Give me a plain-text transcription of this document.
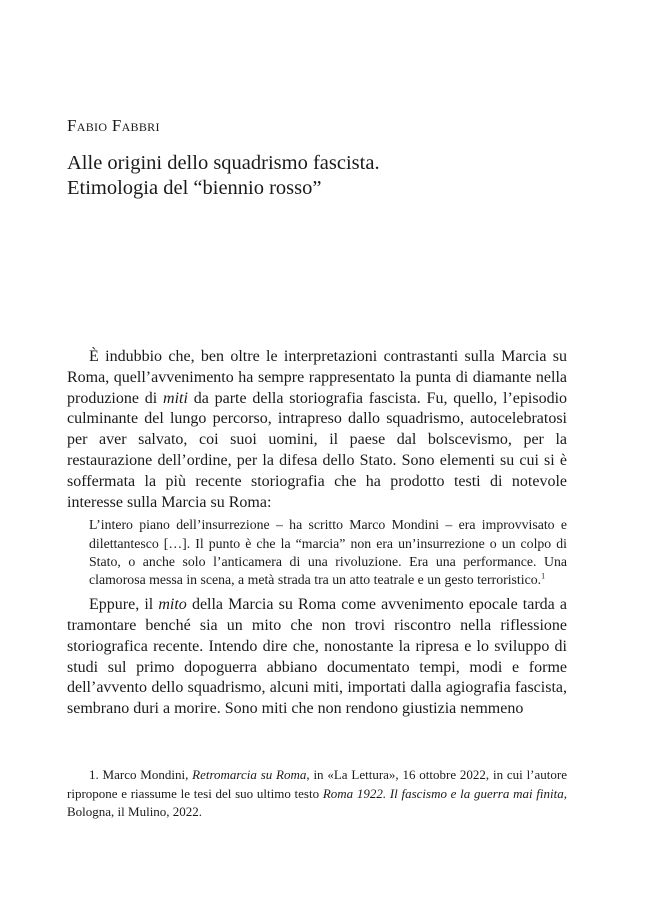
Fabio Fabbri
Alle origini dello squadrismo fascista.
Etimologia del “biennio rosso”

È indubbio che, ben oltre le interpretazioni contrastanti sulla Marcia su Roma, quell’avvenimento ha sempre rappresentato la punta di diamante nella produzione di miti da parte della storiografia fascista. Fu, quello, l’episodio culminante del lungo percorso, intrapreso dallo squadrismo, autocelebratosi per aver salvato, coi suoi uomini, il paese dal bolscevismo, per la restaurazione dell’ordine, per la difesa dello Stato. Sono elementi su cui si è soffermata la più recente storiografia che ha prodotto testi di notevole interesse sulla Marcia su Roma:

L’intero piano dell’insurrezione – ha scritto Marco Mondini – era improvvisato e dilettantesco […]. Il punto è che la “marcia” non era un’insurrezione o un colpo di Stato, o anche solo l’anticamera di una rivoluzione. Era una performance. Una clamorosa messa in scena, a metà strada tra un atto teatrale e un gesto terroristico.$^1$

Eppure, il mito della Marcia su Roma come avvenimento epocale tarda a tramontare benché sia un mito che non trovi riscontro nella riflessione storiografica recente. Intendo dire che, nonostante la ripresa e lo sviluppo di studi sul primo dopoguerra abbiano documentato tempi, modi e forme dell’avvento dello squadrismo, alcuni miti, importati dalla agiografia fascista, sembrano duri a morire. Sono miti che non rendono giustizia nemmeno

1. Marco Mondini, Retromarcia su Roma, in «La Lettura», 16 ottobre 2022, in cui l’autore ripropone e riassume le tesi del suo ultimo testo Roma 1922. Il fascismo e la guerra mai finita, Bologna, il Mulino, 2022.
